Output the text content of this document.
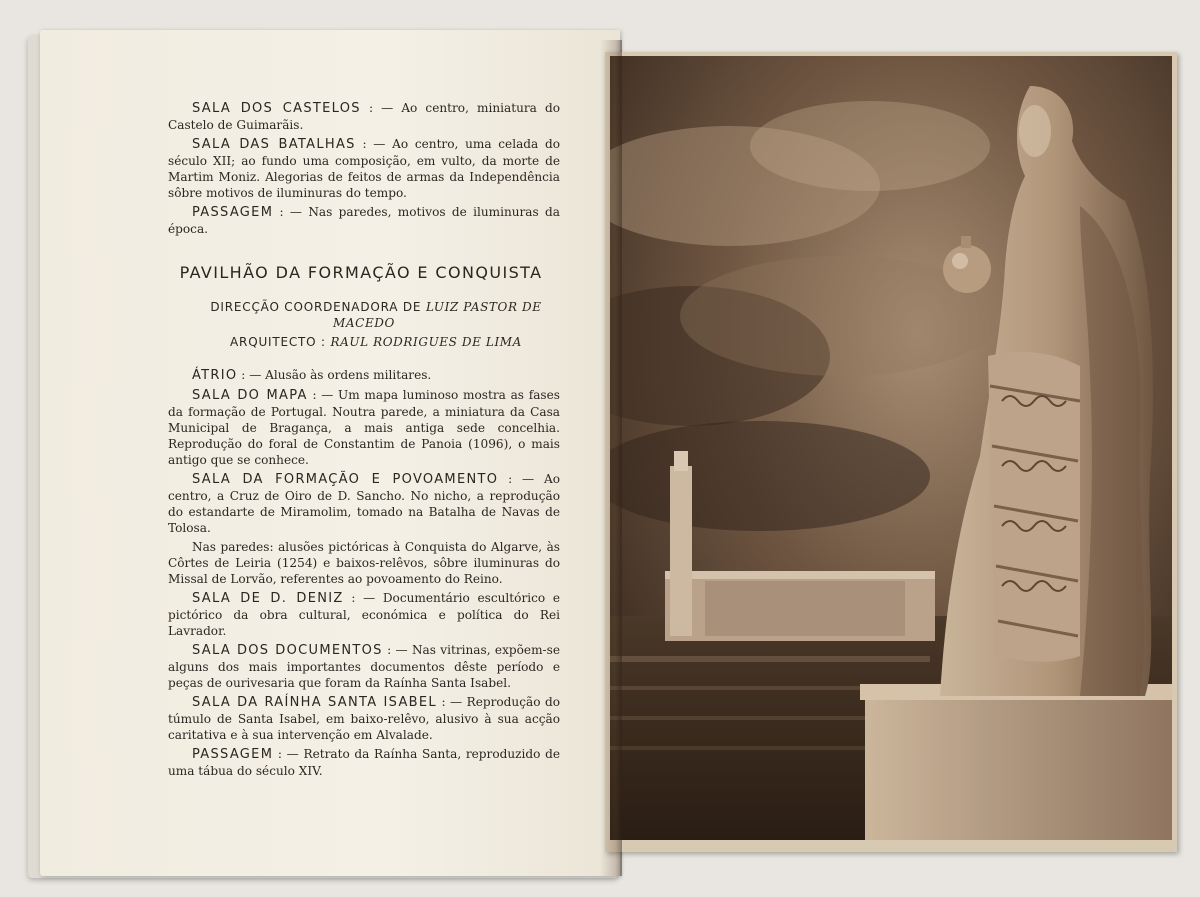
SALA DOS CASTELOS : — Ao centro, miniatura do Castelo de Guimarãis.

SALA DAS BATALHAS : — Ao centro, uma celada do século XII; ao fundo uma composição, em vulto, da morte de Martim Moniz. Alegorias de feitos de armas da Independência sôbre motivos de iluminuras do tempo.

PASSAGEM : — Nas paredes, motivos de iluminuras da época.

PAVILHÃO DA FORMAÇÃO E CONQUISTA

DIRECÇÃO COORDENADORA DE LUIZ PASTOR DE MACEDO

ARQUITECTO : RAUL RODRIGUES DE LIMA

ÁTRIO : — Alusão às ordens militares.

SALA DO MAPA : — Um mapa luminoso mostra as fases da formação de Portugal. Noutra parede, a miniatura da Casa Municipal de Bragança, a mais antiga sede concelhia. Reprodução do foral de Constantim de Panoia (1096), o mais antigo que se conhece.

SALA DA FORMAÇÃO E POVOAMENTO : — Ao centro, a Cruz de Oiro de D. Sancho. No nicho, a reprodução do estandarte de Miramolim, tomado na Batalha de Navas de Tolosa.

Nas paredes: alusões pictóricas à Conquista do Algarve, às Côrtes de Leiria (1254) e baixos-relêvos, sôbre iluminuras do Missal de Lorvão, referentes ao povoamento do Reino.

SALA DE D. DENIZ : — Documentário escultórico e pictórico da obra cultural, económica e política do Rei Lavrador.

SALA DOS DOCUMENTOS : — Nas vitrinas, expõem-se alguns dos mais importantes documentos dêste período e peças de ourivesaria que foram da Raínha Santa Isabel.

SALA DA RAÍNHA SANTA ISABEL : — Reprodução do túmulo de Santa Isabel, em baixo-relêvo, alusivo à sua acção caritativa e à sua intervenção em Alvalade.

PASSAGEM : — Retrato da Raínha Santa, reproduzido de uma tábua do século XIV.
